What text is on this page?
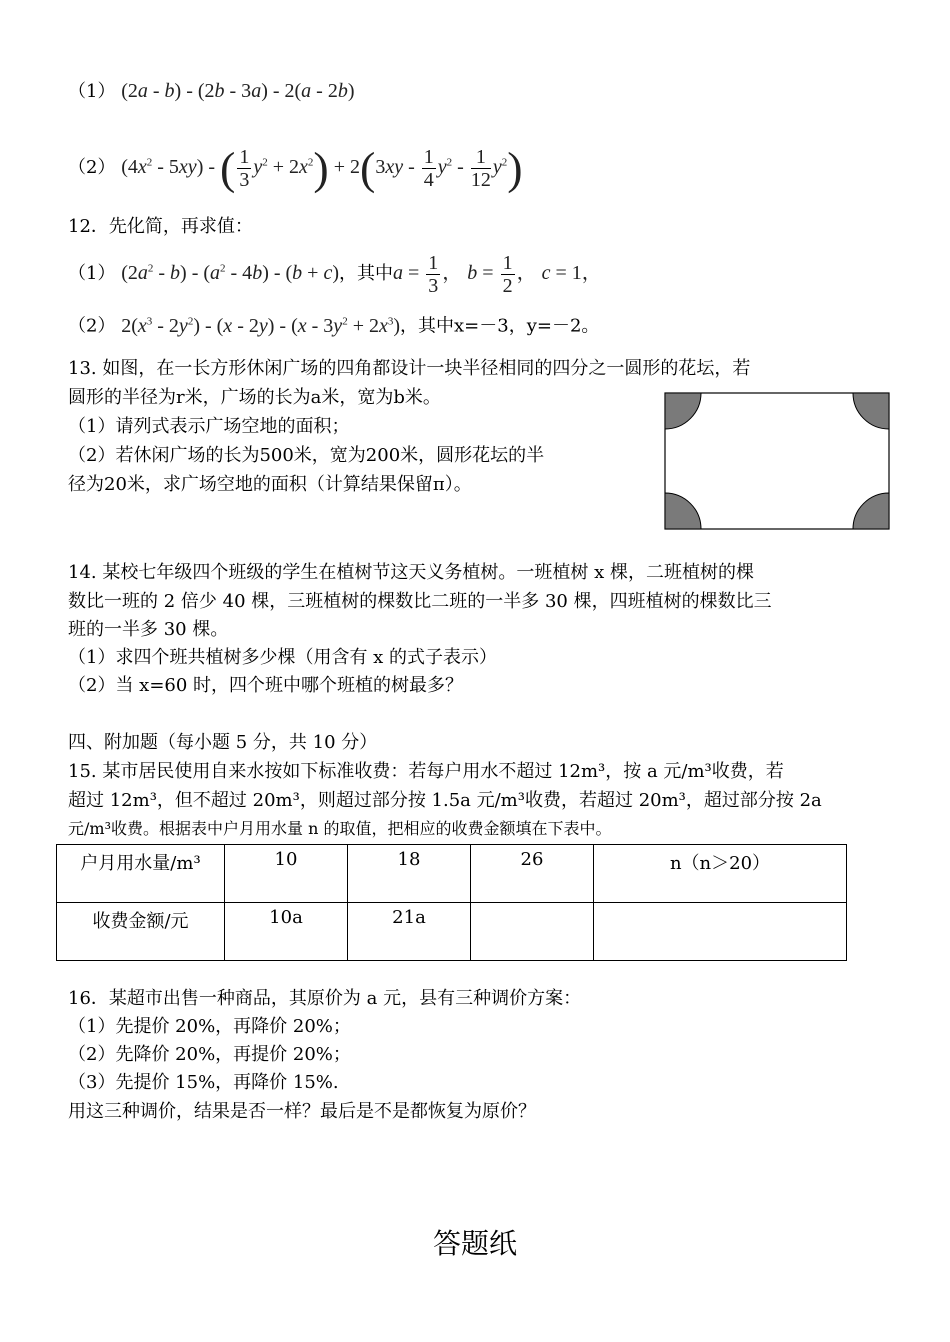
（1） (2a - b) - (2b - 3a) - 2(a - 2b)
（2） $(4x^2 - 5xy)$ - ( $\frac{1}{3} y^2 + 2x^2) + 2(3xy - \frac{1}{4} y^2 - \frac{1}{12} y^2)$
12．先化简，再求值：
（1） $(2a^2 - b) - (a^2 - 4b) - (b + c)$，其中$a = \frac{1}{3}$ ， $b = \frac{1}{2}$ ， c = 1，
（2） $2(x^3 - 2y^2) - (x - 2y) - (x - 3y^2 + 2x^3)$，其中x=－3，y=－2。
13. 如图，在一长方形休闲广场的四角都设计一块半径相同的四分之一圆形的花坛，若
圆形的半径为r米，广场的长为a米，宽为b米。
（1）请列式表示广场空地的面积；
（2）若休闲广场的长为500米，宽为200米，圆形花坛的半
径为20米，求广场空地的面积（计算结果保留π）。
14. 某校七年级四个班级的学生在植树节这天义务植树。一班植树 x 棵，二班植树的棵
数比一班的 2 倍少 40 棵，三班植树的棵数比二班的一半多 30 棵，四班植树的棵数比三
班的一半多 30 棵。
（1）求四个班共植树多少棵（用含有 x 的式子表示）
（2）当 x=60 时，四个班中哪个班植的树最多？
四、附加题（每小题 5 分，共 10 分）
15. 某市居民使用自来水按如下标准收费：若每户用水不超过 12m³，按 a 元/m³收费，若
超过 12m³，但不超过 20m³，则超过部分按 1.5a 元/m³收费，若超过 20m³，超过部分按 2a
元/m³收费。根据表中户月用水量 n 的取值，把相应的收费金额填在下表中。
户月用水量/m³	10	18	26	n（n＞20）
收费金额/元	10a	21a		
16．某超市出售一种商品，其原价为 a 元，县有三种调价方案：
（1）先提价 20%，再降价 20%；
（2）先降价 20%，再提价 20%；
（3）先提价 15%，再降价 15%.
用这三种调价，结果是否一样？最后是不是都恢复为原价？
答题纸
